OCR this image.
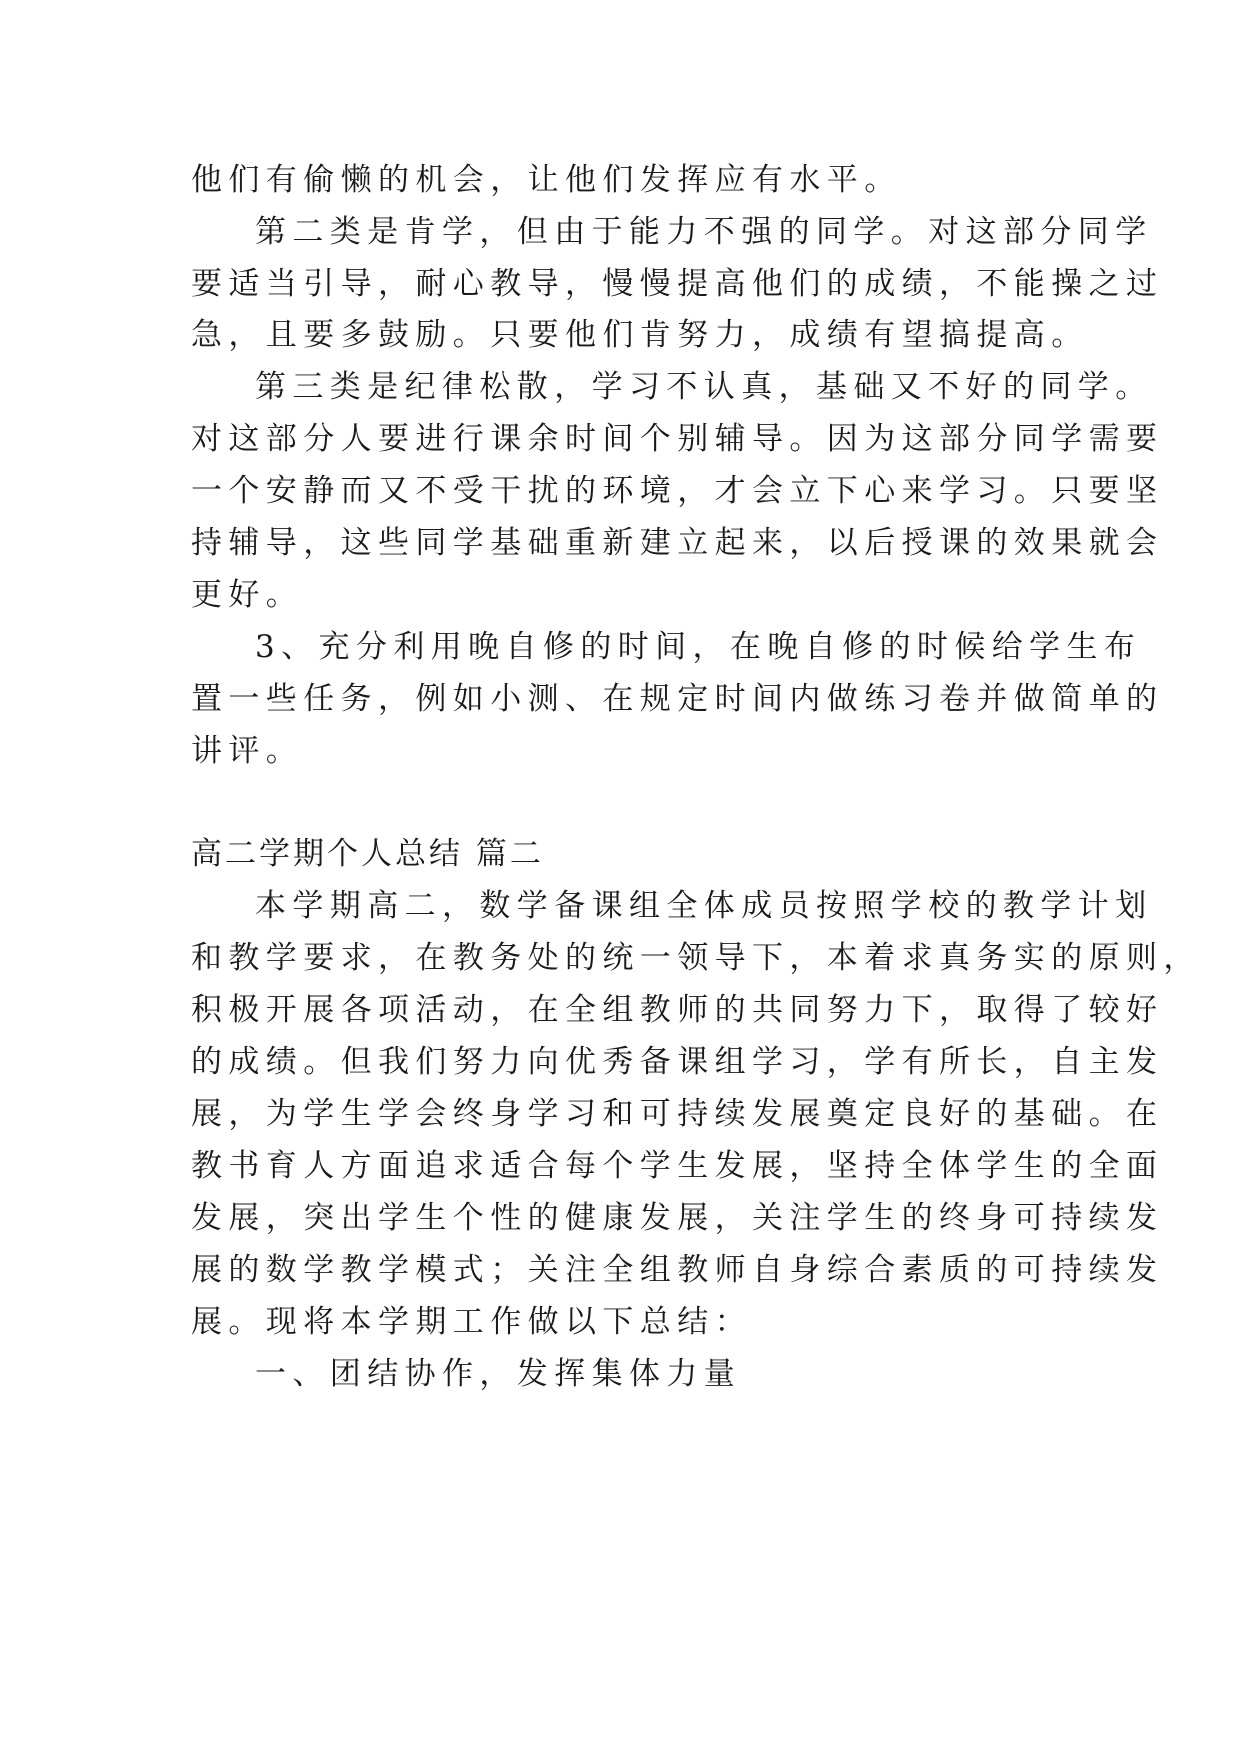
他们有偷懒的机会，让他们发挥应有水平。
第二类是肯学，但由于能力不强的同学。对这部分同学
要适当引导，耐心教导，慢慢提高他们的成绩，不能操之过
急，且要多鼓励。只要他们肯努力，成绩有望搞提高。
第三类是纪律松散，学习不认真，基础又不好的同学。
对这部分人要进行课余时间个别辅导。因为这部分同学需要
一个安静而又不受干扰的环境，才会立下心来学习。只要坚
持辅导，这些同学基础重新建立起来，以后授课的效果就会
更好。
3、充分利用晚自修的时间，在晚自修的时候给学生布
置一些任务，例如小测、在规定时间内做练习卷并做简单的
讲评。
高二学期个人总结 篇二
本学期高二，数学备课组全体成员按照学校的教学计划
和教学要求，在教务处的统一领导下，本着求真务实的原则，
积极开展各项活动，在全组教师的共同努力下，取得了较好
的成绩。但我们努力向优秀备课组学习，学有所长，自主发
展，为学生学会终身学习和可持续发展奠定良好的基础。在
教书育人方面追求适合每个学生发展，坚持全体学生的全面
发展，突出学生个性的健康发展，关注学生的终身可持续发
展的数学教学模式；关注全组教师自身综合素质的可持续发
展。现将本学期工作做以下总结：
一、团结协作，发挥集体力量
